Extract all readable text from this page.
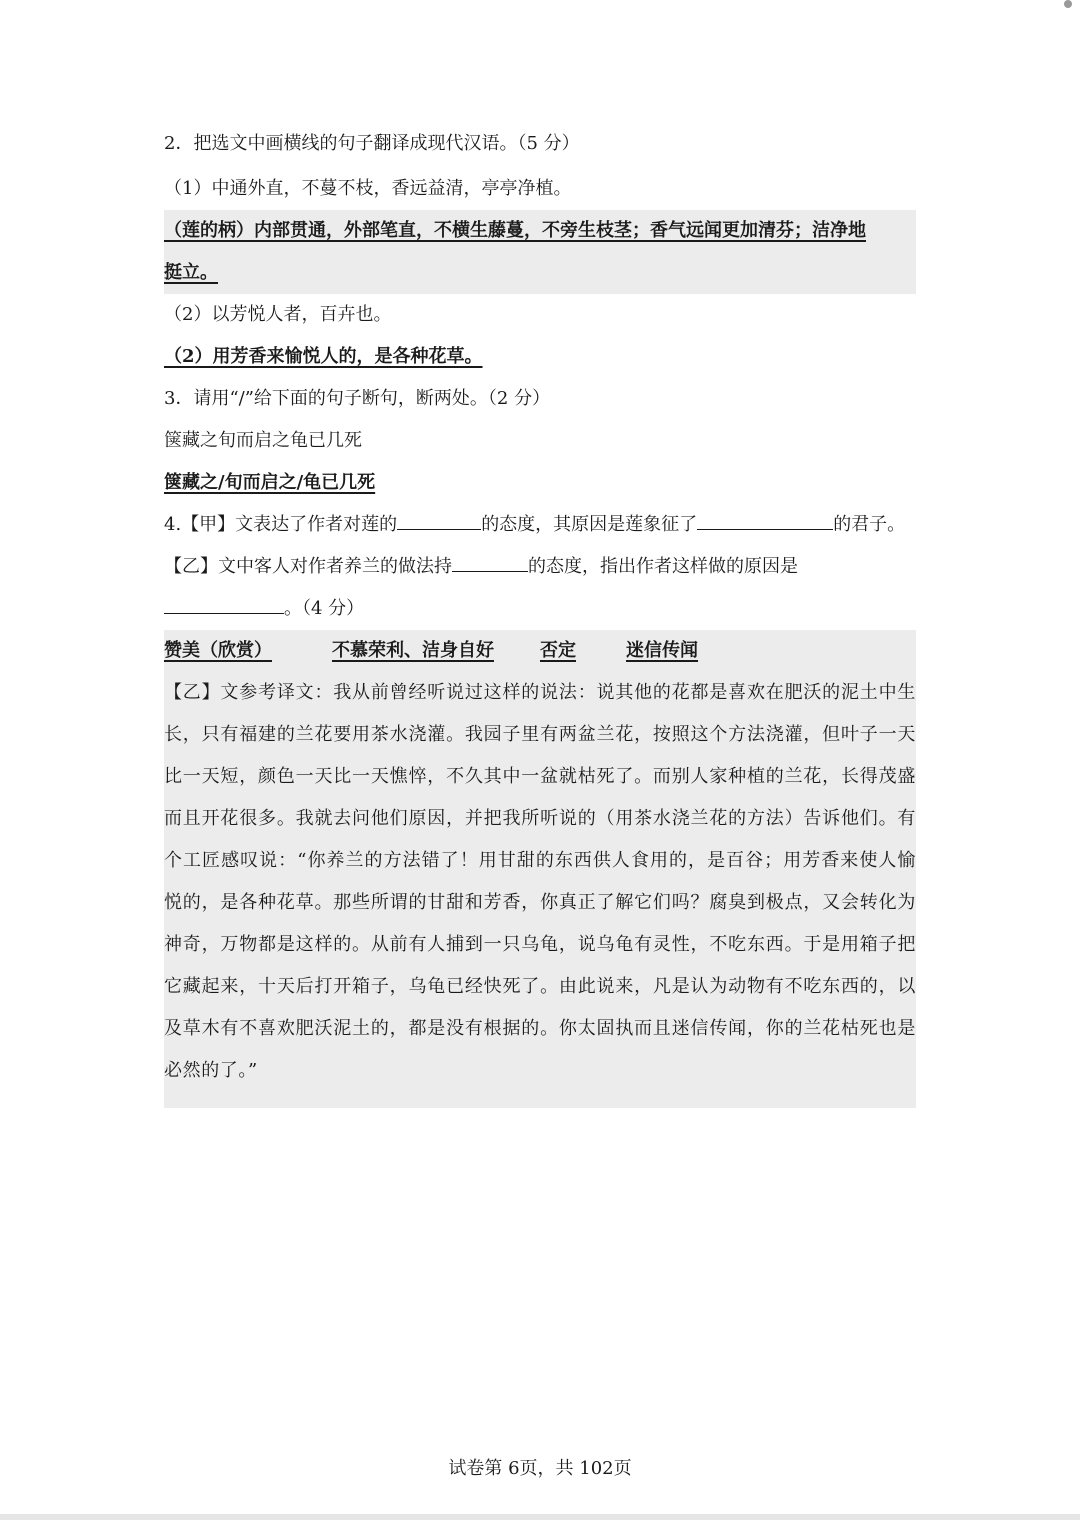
2．把选文中画横线的句子翻译成现代汉语。（5 分）
（1）中通外直，不蔓不枝，香远益清，亭亭净植。
（莲的柄）内部贯通，外部笔直，不横生藤蔓，不旁生枝茎；香气远闻更加清芬；洁净地
挺立。
（2）以芳悦人者，百卉也。
（2）用芳香来愉悦人的，是各种花草。
3．请用“/”给下面的句子断句，断两处。（2 分）
箧藏之旬而启之龟已几死
箧藏之/旬而启之/龟已几死
4.【甲】文表达了作者对莲的	的态度，其原因是莲象征了	的君子。
【乙】文中客人对作者养兰的做法持	的态度，指出作者这样做的原因是
。（4 分）
赞美（欣赏）	不慕荣利、洁身自好	否定	迷信传闻

【乙】文参考译文：我从前曾经听说过这样的说法：说其他的花都是喜欢在肥沃的泥土中生长，只有福建的兰花要用茶水浇灌。我园子里有两盆兰花，按照这个方法浇灌，但叶子一天比一天短，颜色一天比一天憔悴，不久其中一盆就枯死了。而别人家种植的兰花，长得茂盛而且开花很多。我就去问他们原因，并把我所听说的（用茶水浇兰花的方法）告诉他们。有个工匠感叹说：“你养兰的方法错了！用甘甜的东西供人食用的，是百谷；用芳香来使人愉悦的，是各种花草。那些所谓的甘甜和芳香，你真正了解它们吗？腐臭到极点，又会转化为神奇，万物都是这样的。从前有人捕到一只乌龟，说乌龟有灵性，不吃东西。于是用箱子把它藏起来，十天后打开箱子，乌龟已经快死了。由此说来，凡是认为动物有不吃东西的，以及草木有不喜欢肥沃泥土的，都是没有根据的。你太固执而且迷信传闻，你的兰花枯死也是必然的了。”

试卷第 6页，共 102页
